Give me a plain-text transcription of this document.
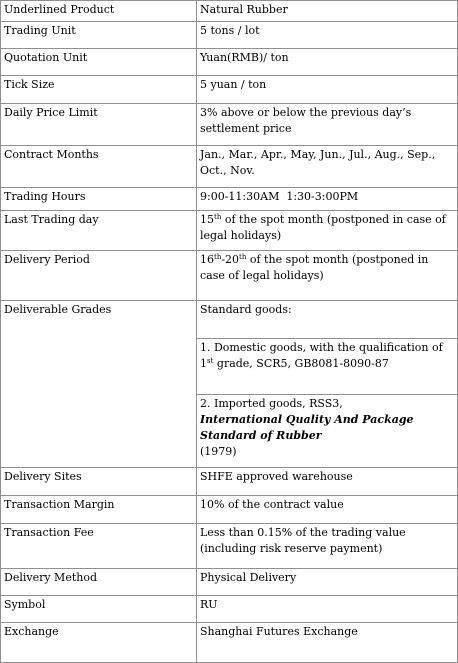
Underlined Product	Natural Rubber
Trading Unit	5 tons / lot
Quotation Unit	Yuan(RMB)/ ton
Tick Size	5 yuan / ton
Daily Price Limit	3% above or below the previous day’s settlement price
Contract Months	Jan., Mar., Apr., May, Jun., Jul., Aug., Sep., Oct., Nov.
Trading Hours	9:00-11:30AM  1:30-3:00PM
Last Trading day	15th of the spot month (postponed in case of legal holidays)
Delivery Period	16th-20th of the spot month (postponed in case of legal holidays)
Deliverable Grades	Standard goods:
	1. Domestic goods, with the qualification of 1st grade, SCR5, GB8081-8090-87
	2. Imported goods, RSS3,
International Quality And Package Standard of Rubber
(1979)
Delivery Sites	SHFE approved warehouse
Transaction Margin	10% of the contract value
Transaction Fee	Less than 0.15% of the trading value (including risk reserve payment)
Delivery Method	Physical Delivery
Symbol	RU
Exchange	Shanghai Futures Exchange
